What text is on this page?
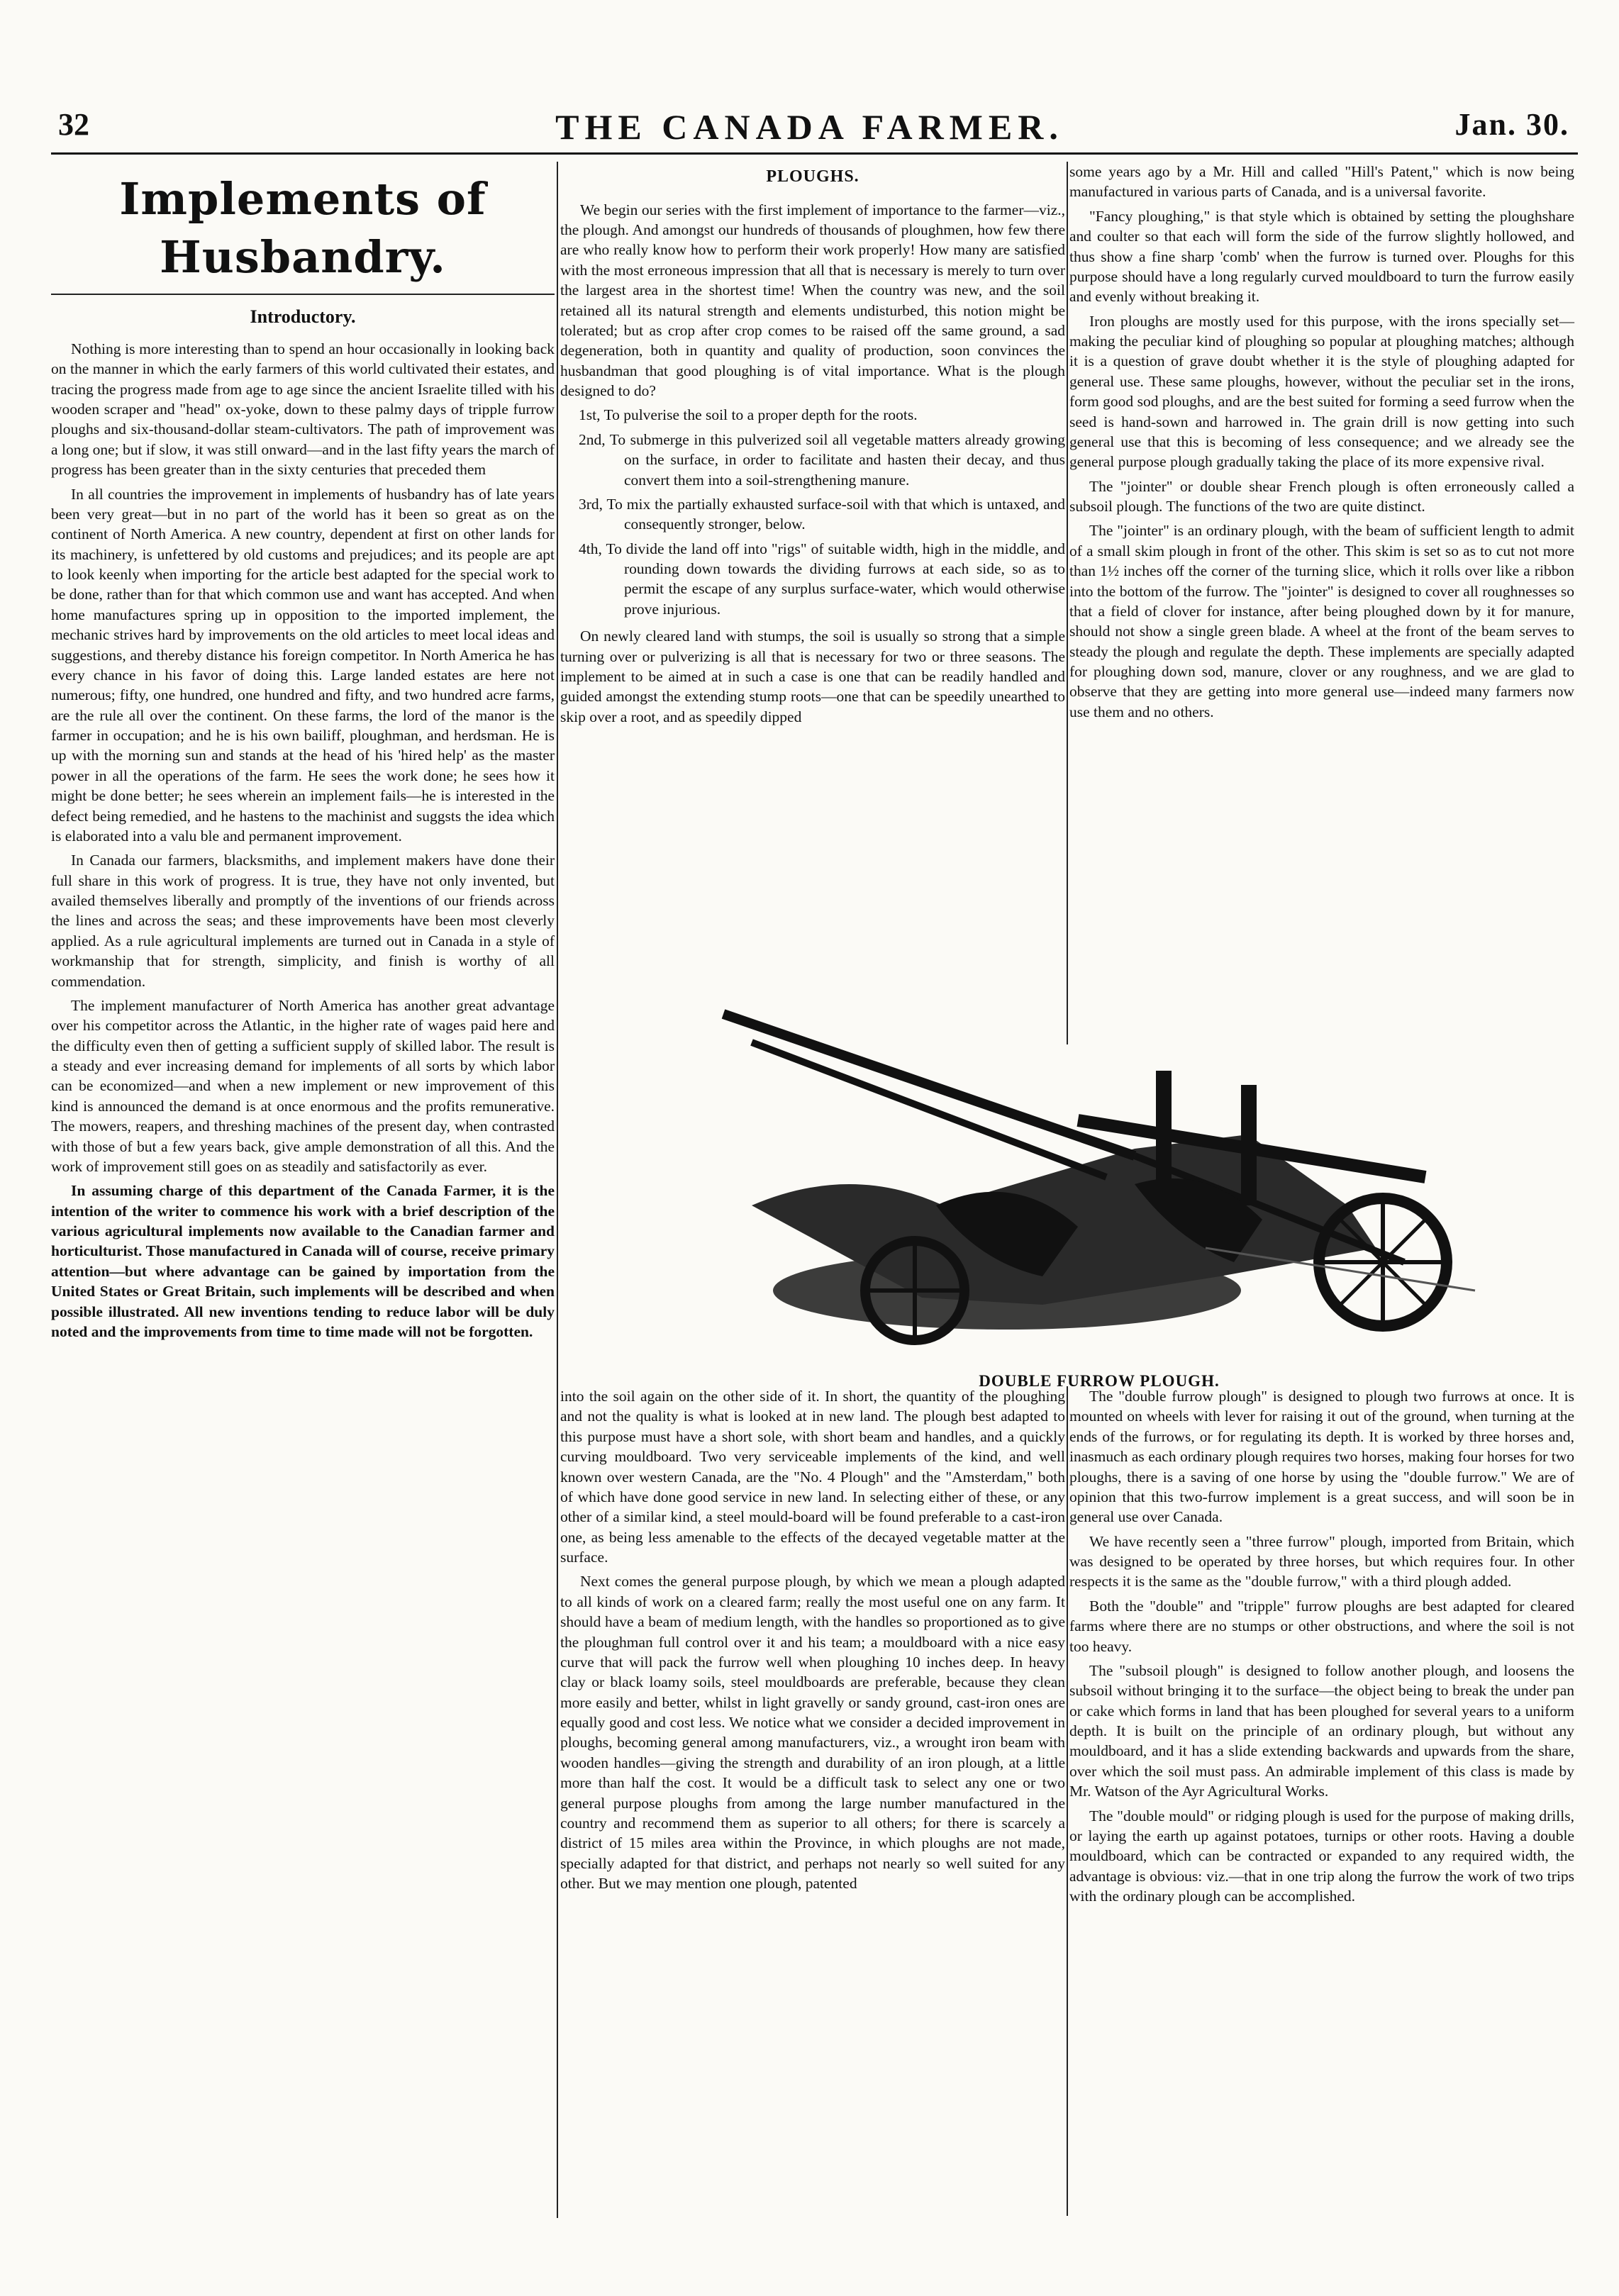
32	THE CANADA FARMER.	Jan. 30.
Implements of Husbandry.
Introductory.

Nothing is more interesting than to spend an hour occasionally in looking back on the manner in which the early farmers of this world cultivated their estates, and tracing the progress made from age to age since the ancient Israelite tilled with his wooden scraper and "head" ox-yoke, down to these palmy days of tripple furrow ploughs and six-thousand-dollar steam-cultivators. The path of improvement was a long one; but if slow, it was still onward—and in the last fifty years the march of progress has been greater than in the sixty centuries that preceded them

In all countries the improvement in implements of husbandry has of late years been very great—but in no part of the world has it been so great as on the continent of North America. A new country, dependent at first on other lands for its machinery, is unfettered by old customs and prejudices; and its people are apt to look keenly when importing for the article best adapted for the special work to be done, rather than for that which common use and want has accepted. And when home manufactures spring up in opposition to the imported implement, the mechanic strives hard by improvements on the old articles to meet local ideas and suggestions, and thereby distance his foreign competitor. In North America he has every chance in his favor of doing this. Large landed estates are here not numerous; fifty, one hundred, one hundred and fifty, and two hundred acre farms, are the rule all over the continent. On these farms, the lord of the manor is the farmer in occupation; and he is his own bailiff, ploughman, and herdsman. He is up with the morning sun and stands at the head of his 'hired help' as the master power in all the operations of the farm. He sees the work done; he sees how it might be done better; he sees wherein an implement fails—he is interested in the defect being remedied, and he hastens to the machinist and suggsts the idea which is elaborated into a valu ble and permanent improvement.

In Canada our farmers, blacksmiths, and implement makers have done their full share in this work of progress. It is true, they have not only invented, but availed themselves liberally and promptly of the inventions of our friends across the lines and across the seas; and these improvements have been most cleverly applied. As a rule agricultural implements are turned out in Canada in a style of workmanship that for strength, simplicity, and finish is worthy of all commendation.

The implement manufacturer of North America has another great advantage over his competitor across the Atlantic, in the higher rate of wages paid here and the difficulty even then of getting a sufficient supply of skilled labor. The result is a steady and ever increasing demand for implements of all sorts by which labor can be economized—and when a new implement or new improvement of this kind is announced the demand is at once enormous and the profits remunerative. The mowers, reapers, and threshing machines of the present day, when contrasted with those of but a few years back, give ample demonstration of all this. And the work of improvement still goes on as steadily and satisfactorily as ever.

In assuming charge of this department of the Canada Farmer, it is the intention of the writer to commence his work with a brief description of the various agricultural implements now available to the Canadian farmer and horticulturist. Those manufactured in Canada will of course, receive primary attention—but where advantage can be gained by importation from the United States or Great Britain, such implements will be described and when possible illustrated. All new inventions tending to reduce labor will be duly noted and the improvements from time to time made will not be forgotten.

PLOUGHS.

We begin our series with the first implement of importance to the farmer—viz., the plough. And amongst our hundreds of thousands of ploughmen, how few there are who really know how to perform their work properly! How many are satisfied with the most erroneous impression that all that is necessary is merely to turn over the largest area in the shortest time! When the country was new, and the soil retained all its natural strength and elements undisturbed, this notion might be tolerated; but as crop after crop comes to be raised off the same ground, a sad degeneration, both in quantity and quality of production, soon convinces the husbandman that good ploughing is of vital importance. What is the plough designed to do?

1st, To pulverise the soil to a proper depth for the roots.
2nd, To submerge in this pulverized soil all vegetable matters already growing on the surface, in order to facilitate and hasten their decay, and thus convert them into a soil-strengthening manure.
3rd, To mix the partially exhausted surface-soil with that which is untaxed, and consequently stronger, below.
4th, To divide the land off into "rigs" of suitable width, high in the middle, and rounding down towards the dividing furrows at each side, so as to permit the escape of any surplus surface-water, which would otherwise prove injurious.

On newly cleared land with stumps, the soil is usually so strong that a simple turning over or pulverizing is all that is necessary for two or three seasons. The implement to be aimed at in such a case is one that can be readily handled and guided amongst the extending stump roots—one that can be speedily unearthed to skip over a root, and as speedily dipped

some years ago by a Mr. Hill and called "Hill's Patent," which is now being manufactured in various parts of Canada, and is a universal favorite.

"Fancy ploughing," is that style which is obtained by setting the ploughshare and coulter so that each will form the side of the furrow slightly hollowed, and thus show a fine sharp 'comb' when the furrow is turned over. Ploughs for this purpose should have a long regularly curved mouldboard to turn the furrow easily and evenly without breaking it.

Iron ploughs are mostly used for this purpose, with the irons specially set—making the peculiar kind of ploughing so popular at ploughing matches; although it is a question of grave doubt whether it is the style of ploughing adapted for general use. These same ploughs, however, without the peculiar set in the irons, form good sod ploughs, and are the best suited for forming a seed furrow when the seed is hand-sown and harrowed in. The grain drill is now getting into such general use that this is becoming of less consequence; and we already see the general purpose plough gradually taking the place of its more expensive rival.

The "jointer" or double shear French plough is often erroneously called a subsoil plough. The functions of the two are quite distinct.

The "jointer" is an ordinary plough, with the beam of sufficient length to admit of a small skim plough in front of the other. This skim is set so as to cut not more than 1½ inches off the corner of the turning slice, which it rolls over like a ribbon into the bottom of the furrow. The "jointer" is designed to cover all roughnesses so that a field of clover for instance, after being ploughed down by it for manure, should not show a single green blade. A wheel at the front of the beam serves to steady the plough and regulate the depth. These implements are specially adapted for ploughing down sod, manure, clover or any roughness, and we are glad to observe that they are getting into more general use—indeed many farmers now use them and no others.

DOUBLE FURROW PLOUGH.

into the soil again on the other side of it. In short, the quantity of the ploughing and not the quality is what is looked at in new land. The plough best adapted to this purpose must have a short sole, with short beam and handles, and a quickly curving mouldboard. Two very serviceable implements of the kind, and well known over western Canada, are the "No. 4 Plough" and the "Amsterdam," both of which have done good service in new land. In selecting either of these, or any other of a similar kind, a steel mould-board will be found preferable to a cast-iron one, as being less amenable to the effects of the decayed vegetable matter at the surface.

Next comes the general purpose plough, by which we mean a plough adapted to all kinds of work on a cleared farm; really the most useful one on any farm. It should have a beam of medium length, with the handles so proportioned as to give the ploughman full control over it and his team; a mouldboard with a nice easy curve that will pack the furrow well when ploughing 10 inches deep. In heavy clay or black loamy soils, steel mouldboards are preferable, because they clean more easily and better, whilst in light gravelly or sandy ground, cast-iron ones are equally good and cost less. We notice what we consider a decided improvement in ploughs, becoming general among manufacturers, viz., a wrought iron beam with wooden handles—giving the strength and durability of an iron plough, at a little more than half the cost. It would be a difficult task to select any one or two general purpose ploughs from among the large number manufactured in the country and recommend them as superior to all others; for there is scarcely a district of 15 miles area within the Province, in which ploughs are not made, specially adapted for that district, and perhaps not nearly so well suited for any other. But we may mention one plough, patented

The "double furrow plough" is designed to plough two furrows at once. It is mounted on wheels with lever for raising it out of the ground, when turning at the ends of the furrows, or for regulating its depth. It is worked by three horses and, inasmuch as each ordinary plough requires two horses, making four horses for two ploughs, there is a saving of one horse by using the "double furrow." We are of opinion that this two-furrow implement is a great success, and will soon be in general use over Canada.

We have recently seen a "three furrow" plough, imported from Britain, which was designed to be operated by three horses, but which requires four. In other respects it is the same as the "double furrow," with a third plough added.

Both the "double" and "tripple" furrow ploughs are best adapted for cleared farms where there are no stumps or other obstructions, and where the soil is not too heavy.

The "subsoil plough" is designed to follow another plough, and loosens the subsoil without bringing it to the surface—the object being to break the under pan or cake which forms in land that has been ploughed for several years to a uniform depth. It is built on the principle of an ordinary plough, but without any mouldboard, and it has a slide extending backwards and upwards from the share, over which the soil must pass. An admirable implement of this class is made by Mr. Watson of the Ayr Agricultural Works.

The "double mould" or ridging plough is used for the purpose of making drills, or laying the earth up against potatoes, turnips or other roots. Having a double mouldboard, which can be contracted or expanded to any required width, the advantage is obvious: viz.—that in one trip along the furrow the work of two trips with the ordinary plough can be accomplished.
